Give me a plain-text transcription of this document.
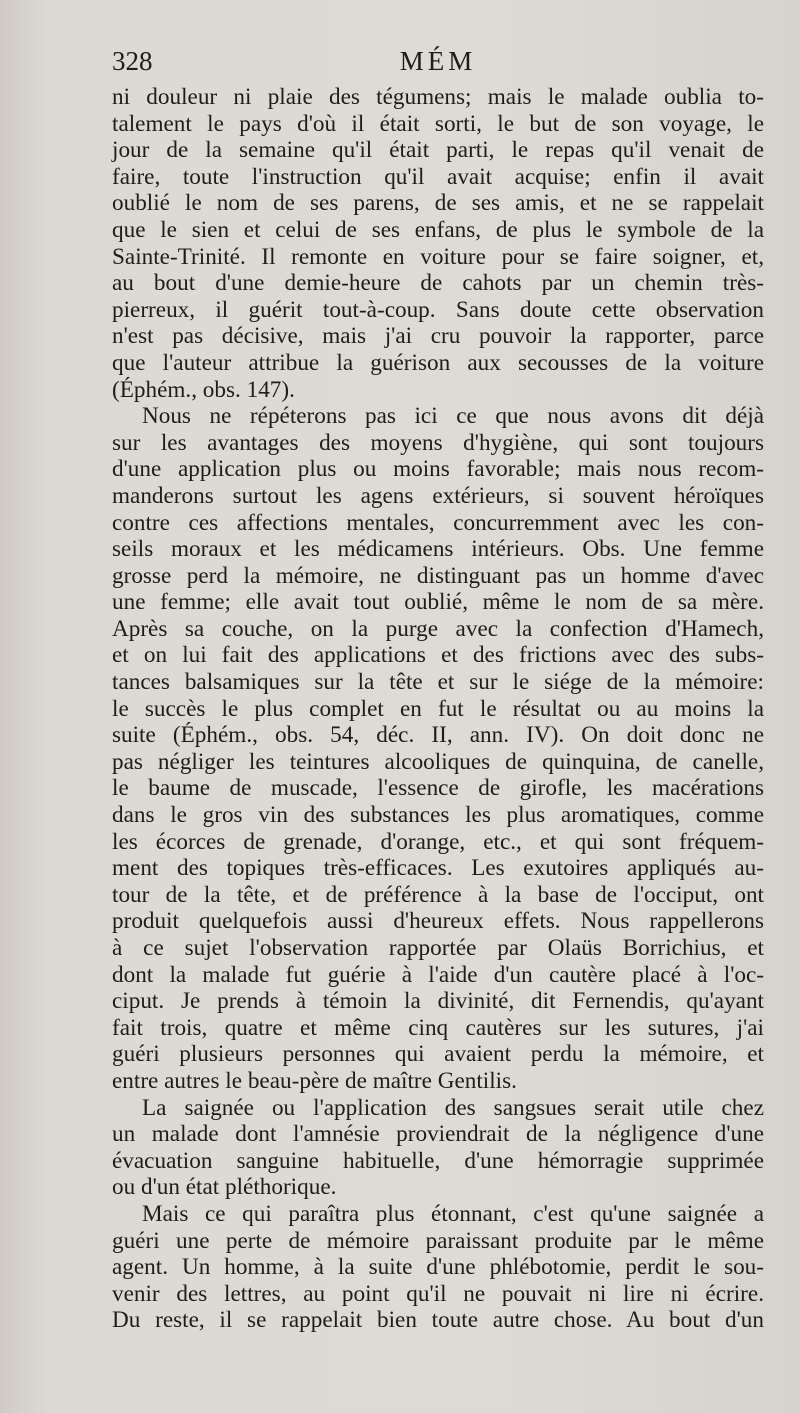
328	MÉM
ni douleur ni plaie des tégumens; mais le malade oublia to-
talement le pays d'où il était sorti, le but de son voyage, le
jour de la semaine qu'il était parti, le repas qu'il venait de
faire, toute l'instruction qu'il avait acquise; enfin il avait
oublié le nom de ses parens, de ses amis, et ne se rappelait
que le sien et celui de ses enfans, de plus le symbole de la
Sainte-Trinité. Il remonte en voiture pour se faire soigner, et,
au bout d'une demie-heure de cahots par un chemin très-
pierreux, il guérit tout-à-coup. Sans doute cette observation
n'est pas décisive, mais j'ai cru pouvoir la rapporter, parce
que l'auteur attribue la guérison aux secousses de la voiture
(Éphém., obs. 147).
Nous ne répéterons pas ici ce que nous avons dit déjà
sur les avantages des moyens d'hygiène, qui sont toujours
d'une application plus ou moins favorable; mais nous recom-
manderons surtout les agens extérieurs, si souvent héroïques
contre ces affections mentales, concurremment avec les con-
seils moraux et les médicamens intérieurs. Obs. Une femme
grosse perd la mémoire, ne distinguant pas un homme d'avec
une femme; elle avait tout oublié, même le nom de sa mère.
Après sa couche, on la purge avec la confection d'Hamech,
et on lui fait des applications et des frictions avec des subs-
tances balsamiques sur la tête et sur le siége de la mémoire:
le succès le plus complet en fut le résultat ou au moins la
suite (Éphém., obs. 54, déc. II, ann. IV). On doit donc ne
pas négliger les teintures alcooliques de quinquina, de canelle,
le baume de muscade, l'essence de girofle, les macérations
dans le gros vin des substances les plus aromatiques, comme
les écorces de grenade, d'orange, etc., et qui sont fréquem-
ment des topiques très-efficaces. Les exutoires appliqués au-
tour de la tête, et de préférence à la base de l'occiput, ont
produit quelquefois aussi d'heureux effets. Nous rappellerons
à ce sujet l'observation rapportée par Olaüs Borrichius, et
dont la malade fut guérie à l'aide d'un cautère placé à l'oc-
ciput. Je prends à témoin la divinité, dit Fernendis, qu'ayant
fait trois, quatre et même cinq cautères sur les sutures, j'ai
guéri plusieurs personnes qui avaient perdu la mémoire, et
entre autres le beau-père de maître Gentilis.
La saignée ou l'application des sangsues serait utile chez
un malade dont l'amnésie proviendrait de la négligence d'une
évacuation sanguine habituelle, d'une hémorragie supprimée
ou d'un état pléthorique.
Mais ce qui paraîtra plus étonnant, c'est qu'une saignée a
guéri une perte de mémoire paraissant produite par le même
agent. Un homme, à la suite d'une phlébotomie, perdit le sou-
venir des lettres, au point qu'il ne pouvait ni lire ni écrire.
Du reste, il se rappelait bien toute autre chose. Au bout d'un
